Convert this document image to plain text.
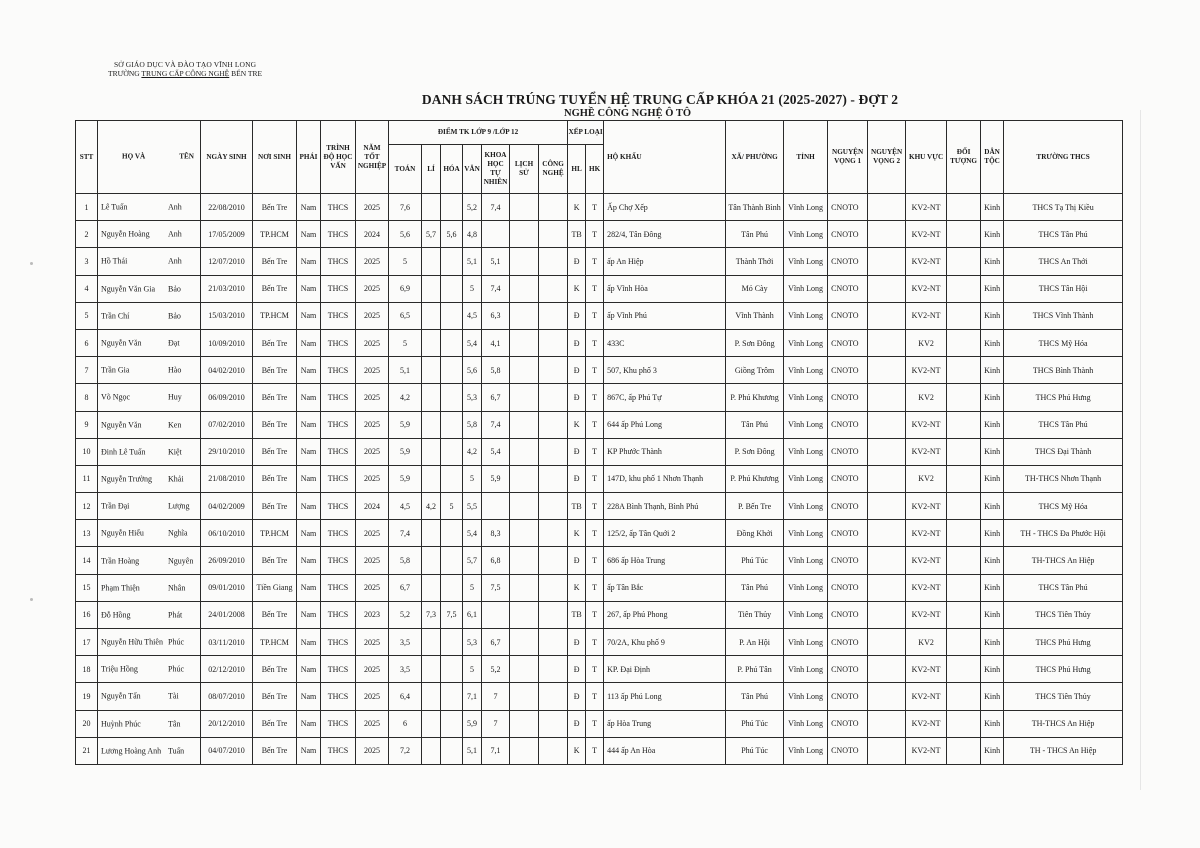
SỞ GIÁO DỤC VÀ ĐÀO TẠO VĨNH LONG
TRƯỜNG TRUNG CẤP CÔNG NGHỆ BẾN TRE
DANH SÁCH TRÚNG TUYỂN HỆ TRUNG CẤP KHÓA 21 (2025-2027) - ĐỢT 2
NGHỀ CÔNG NGHỆ Ô TÔ
STT	HỌ VÀ TÊN	NGÀY SINH	NƠI SINH	PHÁI	TRÌNH ĐỘ HỌC VẤN	NĂM TỐT NGHIỆP	ĐIỂM TK LỚP 9 /LỚP 12							XẾP LOẠI		HỘ KHẨU	XÃ/ PHƯỜNG	TỈNH	NGUYỆN VỌNG 1	NGUYỆN VỌNG 2	KHU VỰC	ĐỐI TƯỢNG	DÂN TỘC	TRƯỜNG THCS
							TOÁN	LÍ	HÓA	VĂN	KHOA HỌC TỰ NHIÊN	LỊCH SỬ	CÔNG NGHỆ	HL	HK									
1	Lê Tuấn Anh	22/08/2010	Bến Tre	Nam	THCS	2025	7,6			5,2	7,4			K	T	Ấp Chợ Xếp	Tân Thành Bình	Vĩnh Long	CNOTO		KV2-NT		Kinh	THCS Tạ Thị Kiều
2	Nguyễn Hoàng Anh	17/05/2009	TP.HCM	Nam	THCS	2024	5,6	5,7	5,6	4,8				TB	T	282/4, Tân Đông	Tân Phú	Vĩnh Long	CNOTO		KV2-NT		Kinh	THCS Tân Phú
3	Hồ Thái Anh	12/07/2010	Bến Tre	Nam	THCS	2025	5			5,1	5,1			Đ	T	ấp An Hiệp	Thành Thới	Vĩnh Long	CNOTO		KV2-NT		Kinh	THCS An Thới
4	Nguyễn Văn Gia Bảo	21/03/2010	Bến Tre	Nam	THCS	2025	6,9			5	7,4			K	T	ấp Vĩnh Hòa	Mỏ Cày	Vĩnh Long	CNOTO		KV2-NT		Kinh	THCS Tân Hội
5	Trần Chí Bảo	15/03/2010	TP.HCM	Nam	THCS	2025	6,5			4,5	6,3			Đ	T	ấp Vĩnh Phú	Vĩnh Thành	Vĩnh Long	CNOTO		KV2-NT		Kinh	THCS Vĩnh Thành
6	Nguyễn Văn Đạt	10/09/2010	Bến Tre	Nam	THCS	2025	5			5,4	4,1			Đ	T	433C	P. Sơn Đông	Vĩnh Long	CNOTO		KV2		Kinh	THCS Mỹ Hóa
7	Trần Gia Hào	04/02/2010	Bến Tre	Nam	THCS	2025	5,1			5,6	5,8			Đ	T	507, Khu phố 3	Giồng Trôm	Vĩnh Long	CNOTO		KV2-NT		Kinh	THCS Bình Thành
8	Võ Ngọc Huy	06/09/2010	Bến Tre	Nam	THCS	2025	4,2			5,3	6,7			Đ	T	867C, ấp Phú Tự	P. Phú Khương	Vĩnh Long	CNOTO		KV2		Kinh	THCS Phú Hưng
9	Nguyễn Văn Ken	07/02/2010	Bến Tre	Nam	THCS	2025	5,9			5,8	7,4			K	T	644 ấp Phú Long	Tân Phú	Vĩnh Long	CNOTO		KV2-NT		Kinh	THCS Tân Phú
10	Đinh Lê Tuấn Kiệt	29/10/2010	Bến Tre	Nam	THCS	2025	5,9			4,2	5,4			Đ	T	KP Phước Thành	P. Sơn Đông	Vĩnh Long	CNOTO		KV2-NT		Kinh	THCS Đại Thành
11	Nguyễn Trường Khải	21/08/2010	Bến Tre	Nam	THCS	2025	5,9			5	5,9			Đ	T	147D, khu phố 1 Nhơn Thạnh	P. Phú Khương	Vĩnh Long	CNOTO		KV2		Kinh	TH-THCS Nhơn Thạnh
12	Trần Đại Lượng	04/02/2009	Bến Tre	Nam	THCS	2024	4,5	4,2	5	5,5				TB	T	228A Bình Thạnh, Bình Phú	P. Bến Tre	Vĩnh Long	CNOTO		KV2-NT		Kinh	THCS Mỹ Hóa
13	Nguyễn Hiếu Nghĩa	06/10/2010	TP.HCM	Nam	THCS	2025	7,4			5,4	8,3			K	T	125/2, ấp Tân Quới 2	Đồng Khởi	Vĩnh Long	CNOTO		KV2-NT		Kinh	TH - THCS Đa Phước Hội
14	Trần Hoàng Nguyên	26/09/2010	Bến Tre	Nam	THCS	2025	5,8			5,7	6,8			Đ	T	686 ấp Hòa Trung	Phú Túc	Vĩnh Long	CNOTO		KV2-NT		Kinh	TH-THCS An Hiệp
15	Phạm Thiện Nhân	09/01/2010	Tiền Giang	Nam	THCS	2025	6,7			5	7,5			K	T	ấp Tân Bắc	Tân Phú	Vĩnh Long	CNOTO		KV2-NT		Kinh	THCS Tân Phú
16	Đỗ Hồng Phát	24/01/2008	Bến Tre	Nam	THCS	2023	5,2	7,3	7,5	6,1				TB	T	267, ấp Phú Phong	Tiên Thủy	Vĩnh Long	CNOTO		KV2-NT		Kinh	THCS Tiên Thủy
17	Nguyễn Hữu Thiên Phúc	03/11/2010	TP.HCM	Nam	THCS	2025	3,5			5,3	6,7			Đ	T	70/2A, Khu phố 9	P. An Hội	Vĩnh Long	CNOTO		KV2		Kinh	THCS Phú Hưng
18	Triệu Hồng Phúc	02/12/2010	Bến Tre	Nam	THCS	2025	3,5			5	5,2			Đ	T	KP. Đại Định	P. Phú Tân	Vĩnh Long	CNOTO		KV2-NT		Kinh	THCS Phú Hưng
19	Nguyễn Tấn Tài	08/07/2010	Bến Tre	Nam	THCS	2025	6,4			7,1	7			Đ	T	113 ấp Phú Long	Tân Phú	Vĩnh Long	CNOTO		KV2-NT		Kinh	THCS Tiên Thủy
20	Huỳnh Phúc Tân	20/12/2010	Bến Tre	Nam	THCS	2025	6			5,9	7			Đ	T	ấp Hòa Trung	Phú Túc	Vĩnh Long	CNOTO		KV2-NT		Kinh	TH-THCS An Hiệp
21	Lương Hoàng Anh Tuấn	04/07/2010	Bến Tre	Nam	THCS	2025	7,2			5,1	7,1			K	T	444 ấp An Hòa	Phú Túc	Vĩnh Long	CNOTO		KV2-NT		Kinh	TH - THCS An Hiệp
